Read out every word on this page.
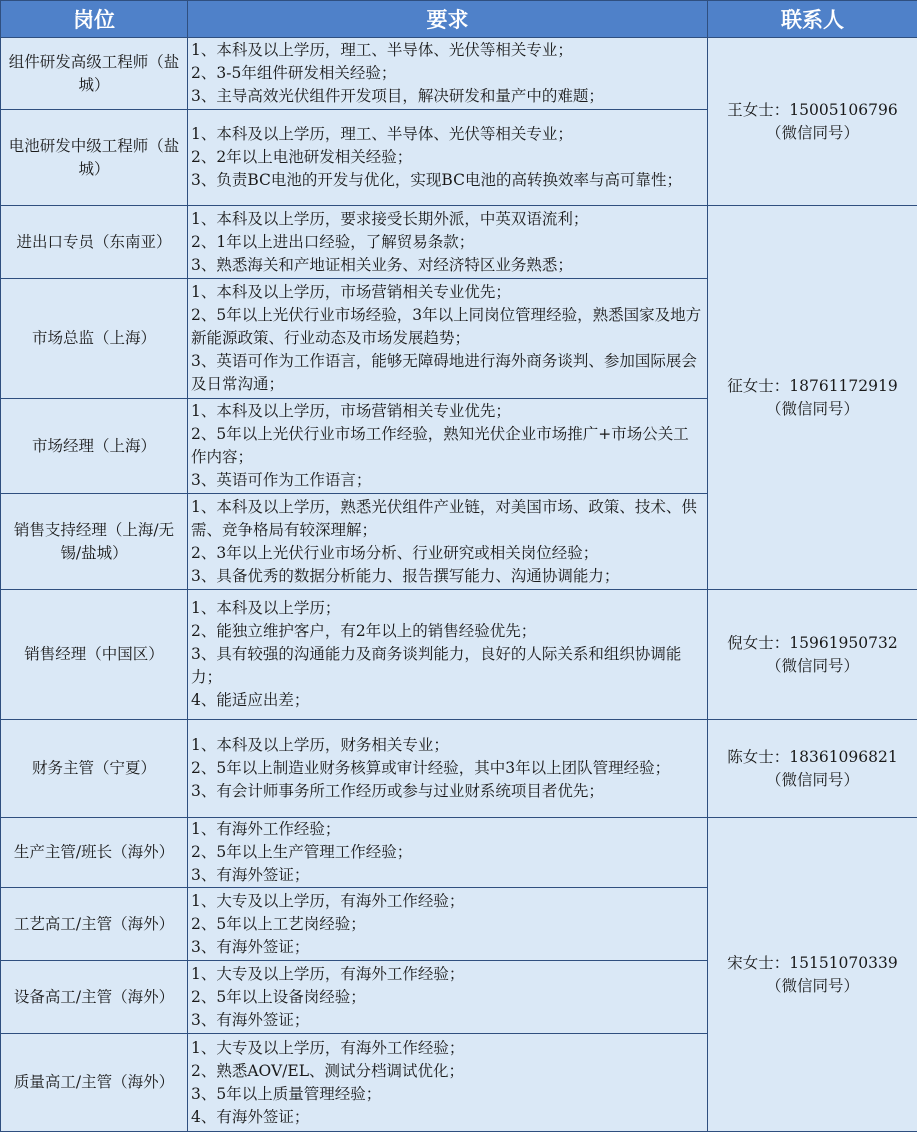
岗位	要求	联系人

组件研发高级工程师（盐城）	1、本科及以上学历，理工、半导体、光伏等相关专业；
2、3-5年组件研发相关经验；
3、主导高效光伏组件开发项目，解决研发和量产中的难题；	王女士：15005106796
（微信同号）

电池研发中级工程师（盐城）	1、本科及以上学历，理工、半导体、光伏等相关专业；
2、2年以上电池研发相关经验；
3、负责BC电池的开发与优化，实现BC电池的高转换效率与高可靠性；	

进出口专员（东南亚）	1、本科及以上学历，要求接受长期外派，中英双语流利；
2、1年以上进出口经验，了解贸易条款；
3、熟悉海关和产地证相关业务、对经济特区业务熟悉；	征女士：18761172919
（微信同号）

市场总监（上海）	1、本科及以上学历，市场营销相关专业优先；
2、5年以上光伏行业市场经验，3年以上同岗位管理经验，熟悉国家及地方新能源政策、行业动态及市场发展趋势；
3、英语可作为工作语言，能够无障碍地进行海外商务谈判、参加国际展会及日常沟通；	

市场经理（上海）	1、本科及以上学历，市场营销相关专业优先；
2、5年以上光伏行业市场工作经验，熟知光伏企业市场推广+市场公关工作内容；
3、英语可作为工作语言；	

销售支持经理（上海/无锡/盐城）	1、本科及以上学历，熟悉光伏组件产业链，对美国市场、政策、技术、供需、竞争格局有较深理解；
2、3年以上光伏行业市场分析、行业研究或相关岗位经验；
3、具备优秀的数据分析能力、报告撰写能力、沟通协调能力；	

销售经理（中国区）	1、本科及以上学历；
2、能独立维护客户，有2年以上的销售经验优先；
3、具有较强的沟通能力及商务谈判能力，良好的人际关系和组织协调能力；
4、能适应出差；	倪女士：15961950732
（微信同号）

财务主管（宁夏）	1、本科及以上学历，财务相关专业；
2、5年以上制造业财务核算或审计经验，其中3年以上团队管理经验；
3、有会计师事务所工作经历或参与过业财系统项目者优先；	陈女士：18361096821
（微信同号）

生产主管/班长（海外）	1、有海外工作经验；
2、5年以上生产管理工作经验；
3、有海外签证；	宋女士：15151070339
（微信同号）

工艺高工/主管（海外）	1、大专及以上学历，有海外工作经验；
2、5年以上工艺岗经验；
3、有海外签证；	

设备高工/主管（海外）	1、大专及以上学历，有海外工作经验；
2、5年以上设备岗经验；
3、有海外签证；	

质量高工/主管（海外）	1、大专及以上学历，有海外工作经验；
2、熟悉AOV/EL、测试分档调试优化；
3、5年以上质量管理经验；
4、有海外签证；	
